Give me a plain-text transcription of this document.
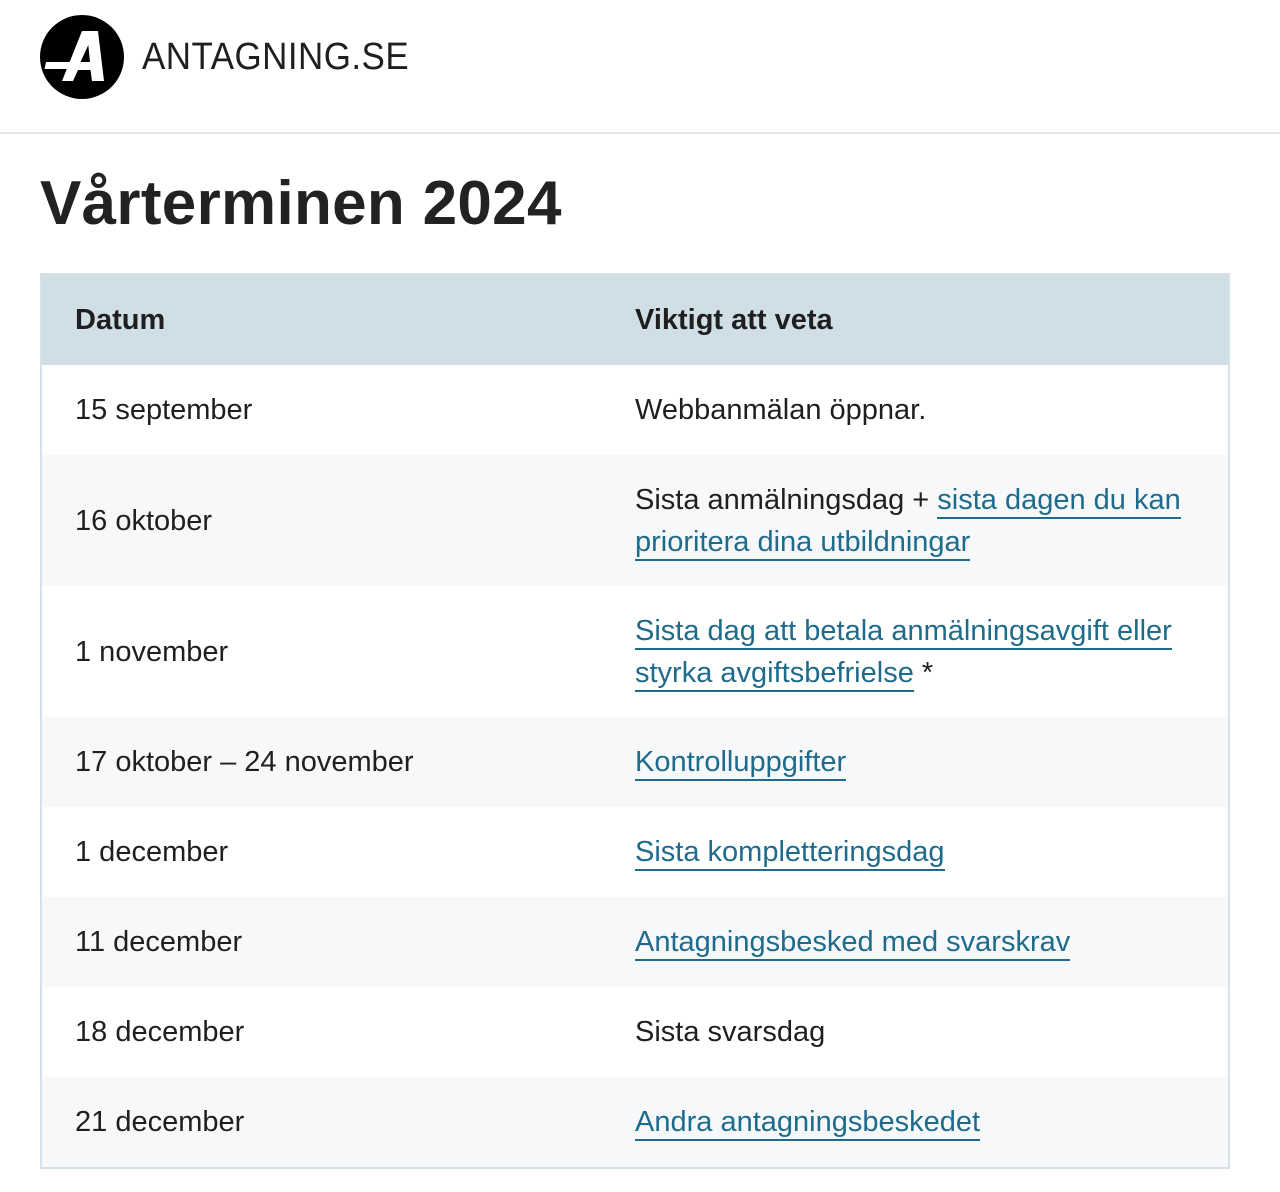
ANTAGNING.SE
Vårterminen 2024
Datum	Viktigt att veta
15 september	Webbanmälan öppnar.
16 oktober	Sista anmälningsdag + sista dagen du kan prioritera dina utbildningar
1 november	Sista dag att betala anmälningsavgift eller styrka avgiftsbefrielse *
17 oktober – 24 november	Kontrolluppgifter
1 december	Sista kompletteringsdag
11 december	Antagningsbesked med svarskrav
18 december	Sista svarsdag
21 december	Andra antagningsbeskedet
